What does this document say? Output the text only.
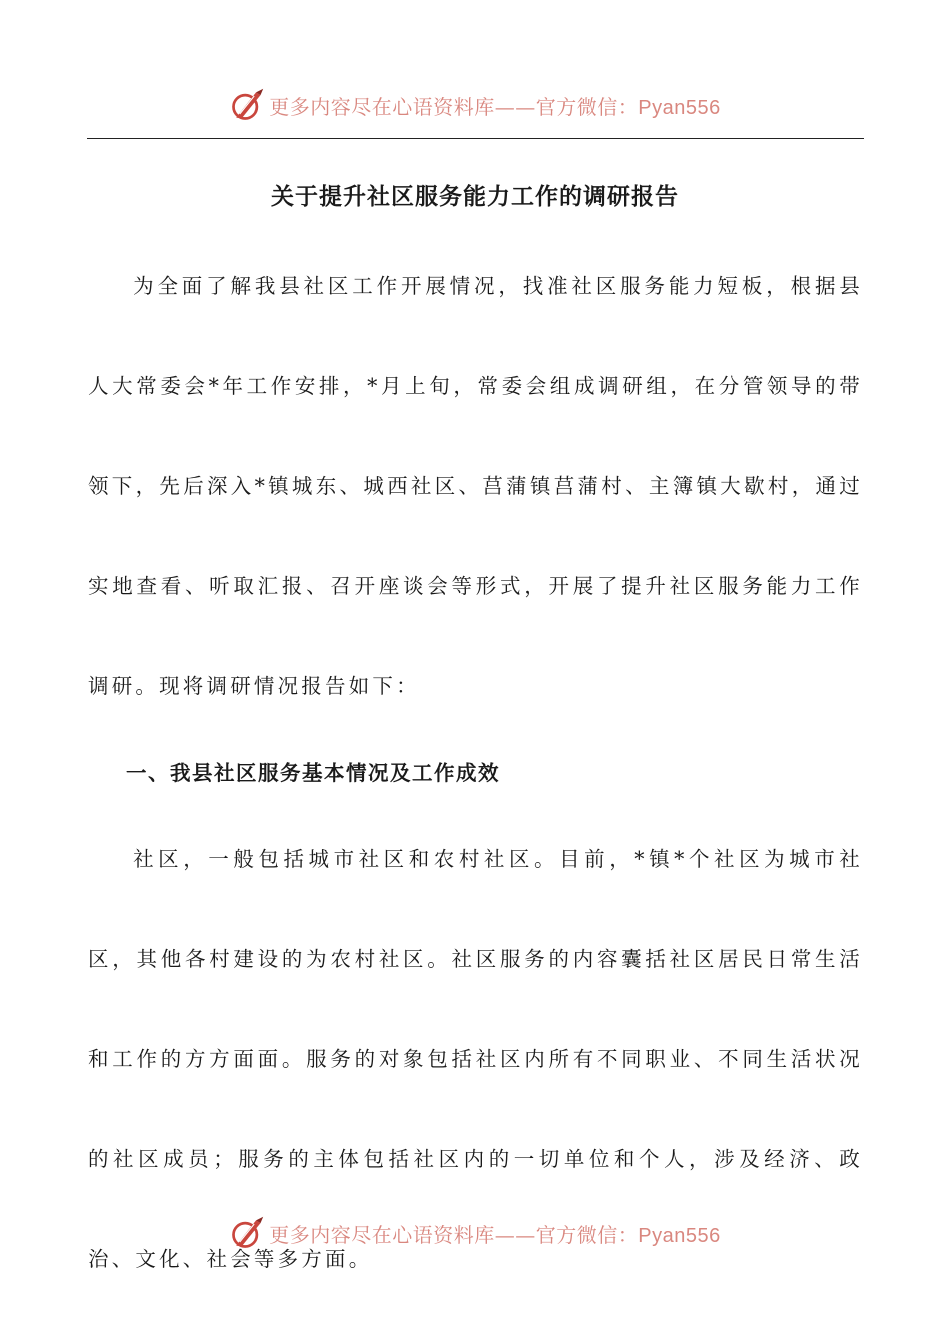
更多内容尽在心语资料库——官方微信：Pyan556
关于提升社区服务能力工作的调研报告

为全面了解我县社区工作开展情况，找准社区服务能力短板，根据县人大常委会*年工作安排，*月上旬，常委会组成调研组，在分管领导的带领下，先后深入*镇城东、城西社区、莒蒲镇莒蒲村、主簿镇大歇村，通过实地查看、听取汇报、召开座谈会等形式，开展了提升社区服务能力工作调研。现将调研情况报告如下：

一、我县社区服务基本情况及工作成效

社区，一般包括城市社区和农村社区。目前，*镇*个社区为城市社区，其他各村建设的为农村社区。社区服务的内容囊括社区居民日常生活和工作的方方面面。服务的对象包括社区内所有不同职业、不同生活状况的社区成员；服务的主体包括社区内的一切单位和个人，涉及经济、政治、文化、社会等多方面。

更多内容尽在心语资料库——官方微信：Pyan556
